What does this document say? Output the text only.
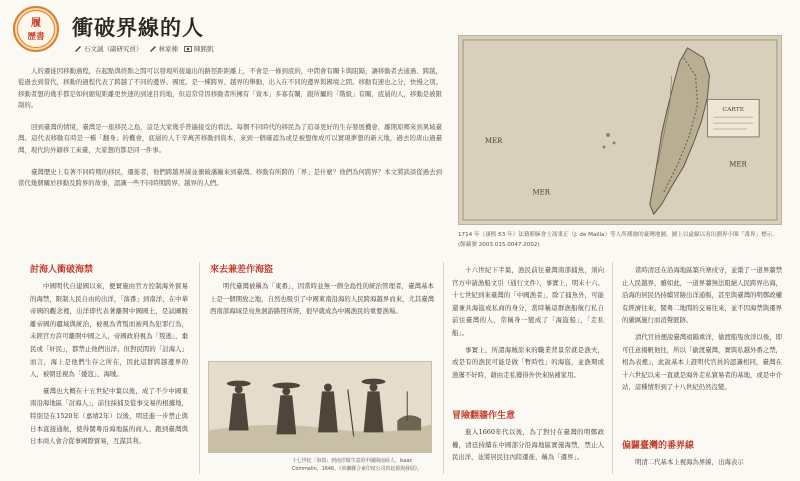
履
歷書 衝破界線的人
石文誠（副研究員） 林家棟 陳銘凱

人的遷徙因移動過程，在起點與終點之間可以發現所接連出的路徑距距離上，不會是一條到底的，中間會有關卡與阻隔，讓移動者去通過、跨越，從過去到當代，移動的過程代表了跨越了不同的邊界、國度。是一種跨界、越界的舉動，出入在不同的邊界與國境之間。移動有速也之分，快慢之別。移動者想的幾乎都是如何縮短距離更快速的到達目的地，但這常常因移動者所擁有「資本」多寡有關，跟所屬的「階級」有關，底層的人，移動是被限制的。

回到臺灣的情境，臺灣是一座移民之島，這是大家幾乎普遍接受的看法。每個不同時代的移民為了追尋更好的生存發展機會，離開原鄉來到異域臺灣。這代表移動有時是一種「翻身」的機會，底層的人千辛萬苦移動到資本，來到一個確認為或是被想像成可以實現夢想的新天地，過去的唐山過臺灣，現代的外籍移工來臺，大家想的都是同一件事。

臺灣歷史上有著不同時期的移民，遷徙者，他們跨越界線並衝破藩籬來到臺灣。移動有所跨的「界」是什麼？他們為何跨界？本文將談談從過去到當代幾個關於移動及跨界的故事，認識一些不同時期跨界、越界的人們。

CARTE
MER
MER
MER
1714 年（康熙 53 年）法籍耶穌會士馮秉正（J. de Mailla）等人所測繪的臺灣地圖，圖上以虛線以看出劃界小圈「番界」標示。(館藏號 2003.015.0047.2002)
討海人衝破海禁

中國明代自建國以來，便實施由官方控制海外貿易的海禁，限制人民自由的出洋，「落番」到南洋，在中華帝國的觀念裡，出洋即代表著離開中國國土，是試圖脫離帝國的疆域與統治，被視為背叛而被判為犯罪行為，未經官方許可離開中國之人，帝國政府視為「叛逃」，棄民或「奸民」，都禁止他們出洋，但對民間的「討海人」而言，海上是他們生存之所在，因此這群跨越邊界的人，被朝廷視為「倭寇」、海賊。

臺灣也大概在十五世紀中葉以後，成了不少中國東南沿海地區「討海人」，前往採捕及從事交易的根據地，特別是在1520年（嘉靖2年）以後，明廷進一步禁止與日本直接通航，使得閩粵沿海地區的商人、跑到臺灣與日本商人會合從事國際貿易，互謀其利。

來去兼差作海盜

明代臺灣被稱為「東番」，因當時並無一個全島性的統治管理者，臺灣基本上是一個開放之地，自然也吸引了中國東南沿海的人民跨海越界而來，尤其臺灣西南部海域是鳥魚洄游路徑所經，很早就成為中國漁民的重要漁場。

十七世紀「海盜」到南洋做生意的中國閩南商人。Isaac Commelin，1646。《荷蘭聯合東印度公司的起源與發展》。

十六世紀下半葉，漁民前往臺灣南部捕魚，須向官方申請漁船文引（通行文件），事實上，明末十六、十七世紀到來臺灣的「中國漁者」，除了捕魚外，可能還兼具海盜或私商的身分，當時稱這群漁船航行私自前往臺灣的人，常稱身一變成了「海盜船」，「走私船」。

事實上，所謂海賊原來的職業背景常就是漁夫，或是有的漁民可能是做「暫時性」的海盜，並漁期或漁獲不好時，藉由走私獲得外快來貼補家用。

冒險翻牆作生意

進入1660年代以後，為了對付在臺灣的明鄭政權，清廷持續在中國部分沿海地區實施海禁，禁止人民出洋，並將居民往內陸遷徙，稱為「遷界」。

當時清廷在沿海地區築兵寨戍守，並築了一道界牆禁止人民越界，雖如此，一道界牆無法阻絕人民跨界出海，沿海的居民仍持續冒險出洋通販，甚至與臺灣的明鄭政權有經濟往來，閩粵二地間的交易往來，並不因海禁與遷界的嚴厲施行而消聲匿跡。

清代官員便說臺灣遠隔重洋，偷渡船隻放洋以後，即可任意揚帆他往，所以「偷渡臺灣，實與私越外番之禁，相為表裡」，此說基本上證明代官員的認識相同，臺灣在十六世紀以來一直就是海外走私貿易者的基地，或是中介站，這種情形到了十八世紀仍然沒變。

偏闢臺灣的番界線

明清二代基本上視海為界線，出海表示
